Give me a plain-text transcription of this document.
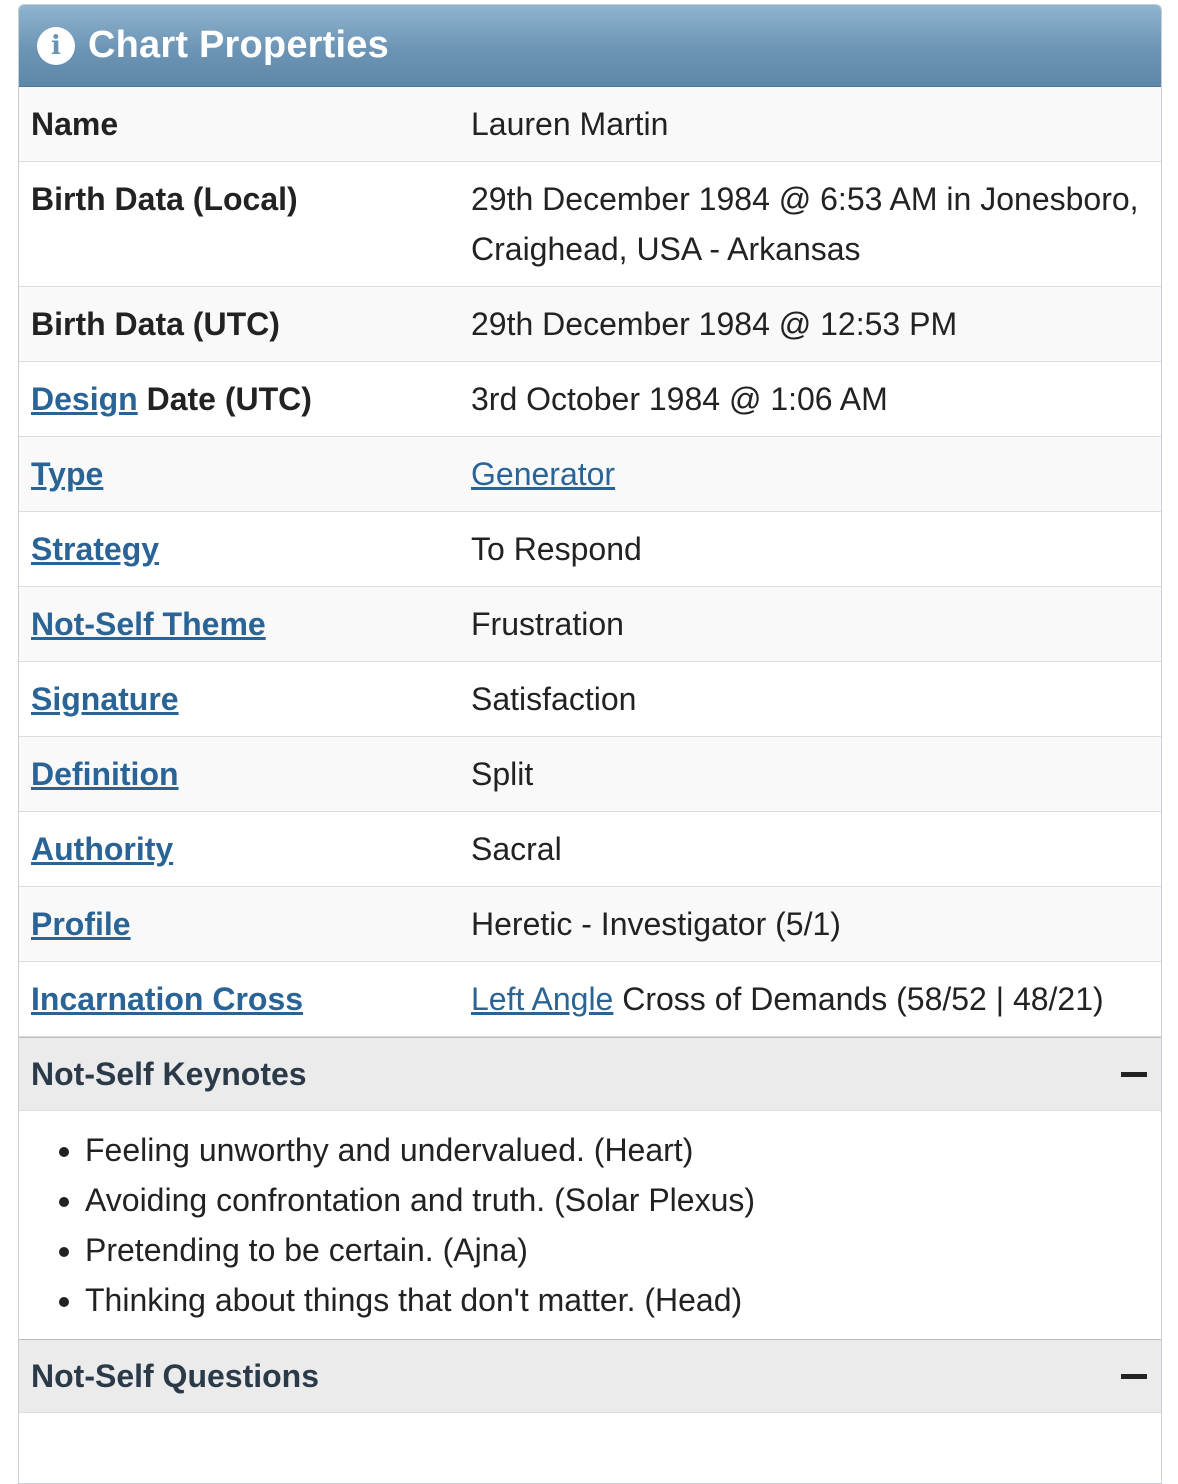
i Chart Properties
Name	Lauren Martin
Birth Data (Local)	29th December 1984 @ 6:53 AM in Jonesboro, Craighead, USA - Arkansas
Birth Data (UTC)	29th December 1984 @ 12:53 PM
Design Date (UTC)	3rd October 1984 @ 1:06 AM
Type	Generator
Strategy	To Respond
Not-Self Theme	Frustration
Signature	Satisfaction
Definition	Split
Authority	Sacral
Profile	Heretic - Investigator (5/1)
Incarnation Cross	Left Angle Cross of Demands (58/52 | 48/21)
Not-Self Keynotes
• Feeling unworthy and undervalued. (Heart)
• Avoiding confrontation and truth. (Solar Plexus)
• Pretending to be certain. (Ajna)
• Thinking about things that don't matter. (Head)
Not-Self Questions
